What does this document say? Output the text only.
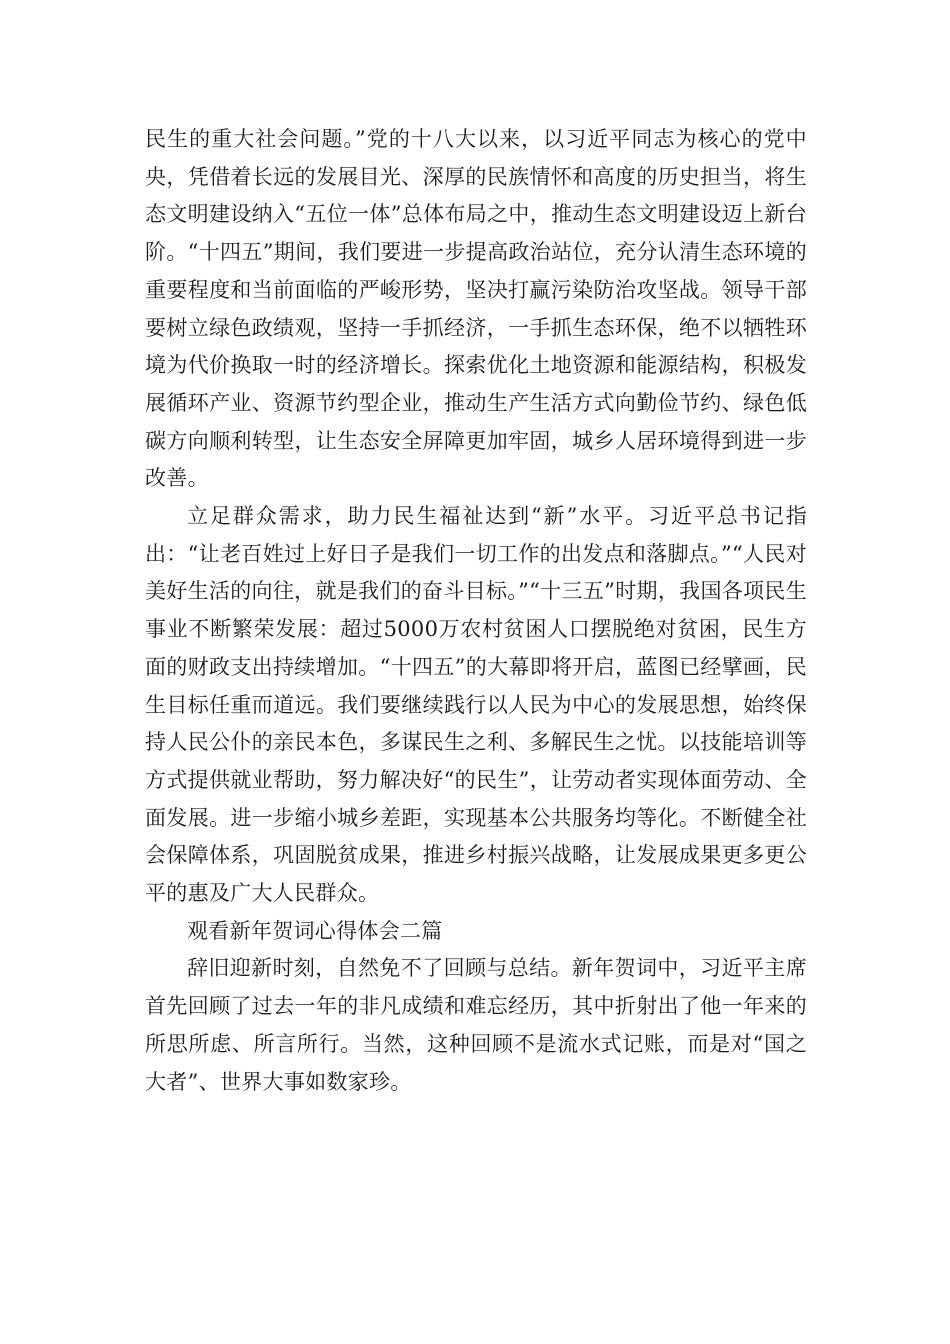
民生的重大社会问题。”党的十八大以来，以习近平同志为核心的党中央，凭借着长远的发展目光、深厚的民族情怀和高度的历史担当，将生态文明建设纳入“五位一体”总体布局之中，推动生态文明建设迈上新台阶。“十四五”期间，我们要进一步提高政治站位，充分认清生态环境的重要程度和当前面临的严峻形势，坚决打赢污染防治攻坚战。领导干部要树立绿色政绩观，坚持一手抓经济，一手抓生态环保，绝不以牺牲环境为代价换取一时的经济增长。探索优化土地资源和能源结构，积极发展循环产业、资源节约型企业，推动生产生活方式向勤俭节约、绿色低碳方向顺利转型，让生态安全屏障更加牢固，城乡人居环境得到进一步改善。

立足群众需求，助力民生福祉达到“新”水平。习近平总书记指出：“让老百姓过上好日子是我们一切工作的出发点和落脚点。”“人民对美好生活的向往，就是我们的奋斗目标。”“十三五”时期，我国各项民生事业不断繁荣发展：超过5000万农村贫困人口摆脱绝对贫困，民生方面的财政支出持续增加。“十四五”的大幕即将开启，蓝图已经擘画，民生目标任重而道远。我们要继续践行以人民为中心的发展思想，始终保持人民公仆的亲民本色，多谋民生之利、多解民生之忧。以技能培训等方式提供就业帮助，努力解决好“的民生”，让劳动者实现体面劳动、全面发展。进一步缩小城乡差距，实现基本公共服务均等化。不断健全社会保障体系，巩固脱贫成果，推进乡村振兴战略，让发展成果更多更公平的惠及广大人民群众。

观看新年贺词心得体会二篇

辞旧迎新时刻，自然免不了回顾与总结。新年贺词中，习近平主席首先回顾了过去一年的非凡成绩和难忘经历，其中折射出了他一年来的所思所虑、所言所行。当然，这种回顾不是流水式记账，而是对“国之大者”、世界大事如数家珍。
